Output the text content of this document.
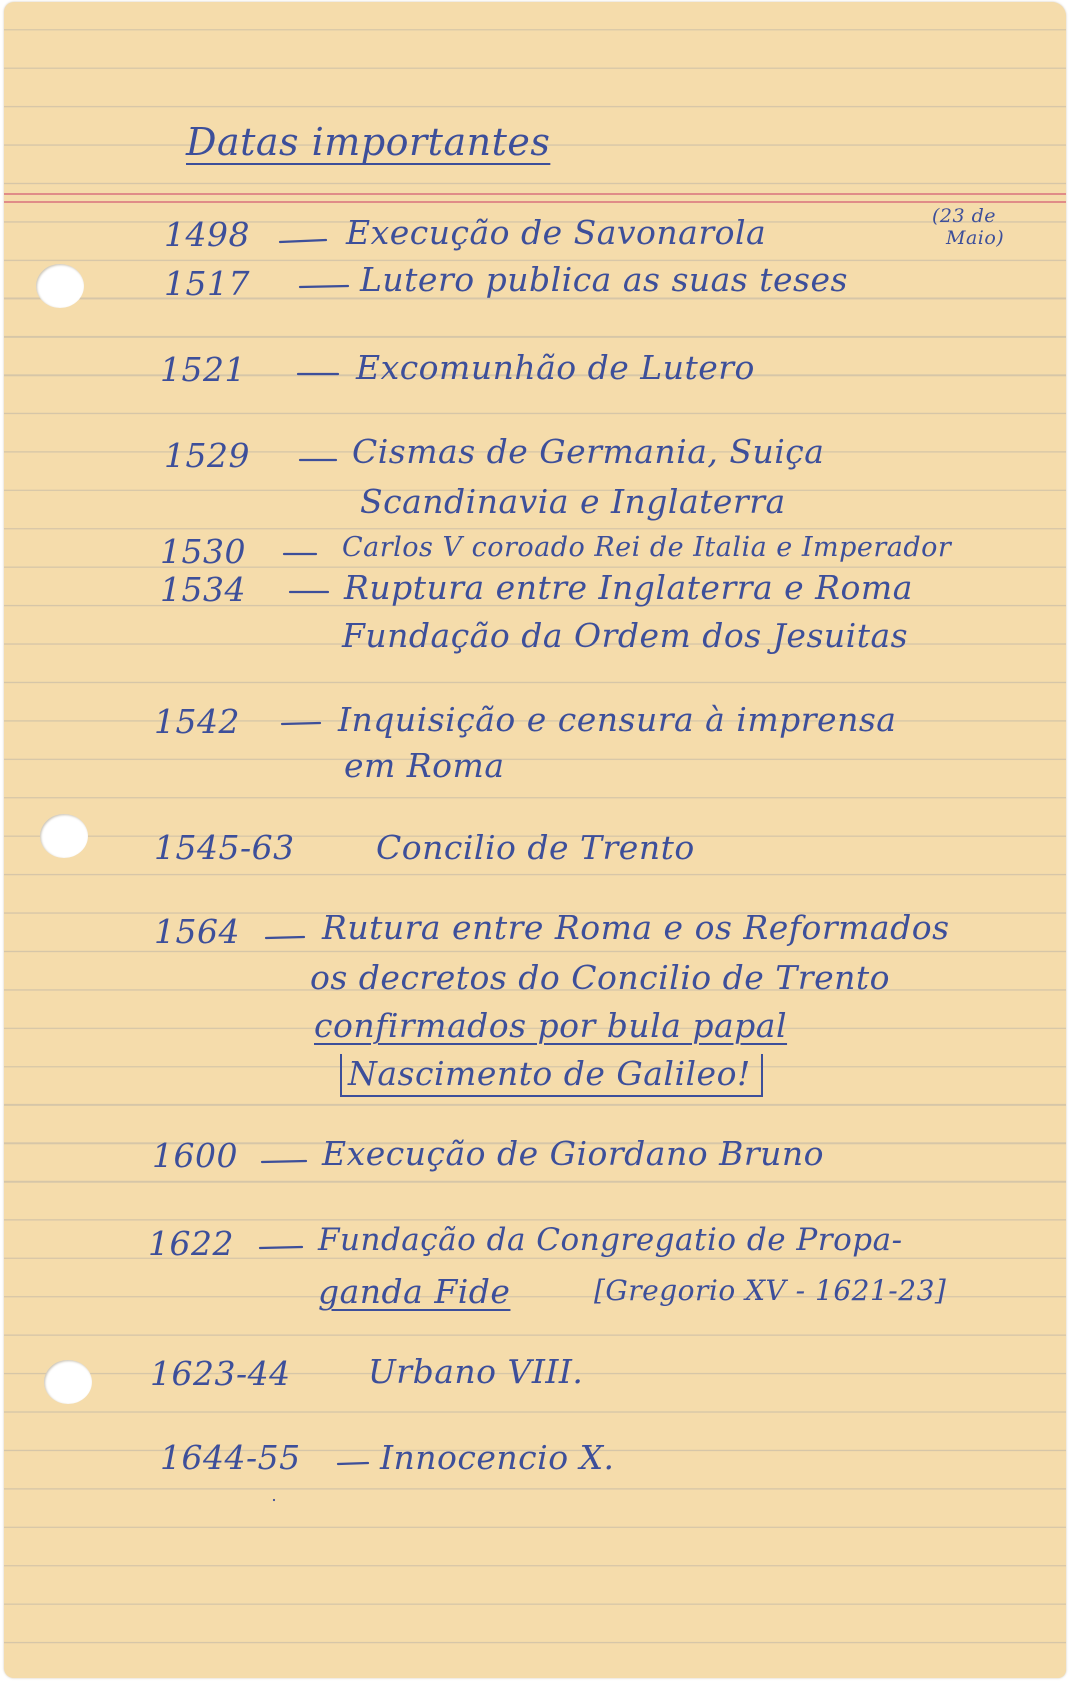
Datas importantes
1498	Execução de Savonarola	(23 de
Maio)
1517	Lutero publica as suas teses
1521	Excomunhão de Lutero
1529	Cismas de Germania, Suiça
Scandinavia e Inglaterra
1530	Carlos V coroado Rei de Italia e Imperador
1534	Ruptura entre Inglaterra e Roma
Fundação da Ordem dos Jesuitas
1542	Inquisição e censura à imprensa
em Roma
1545-63 Concilio de Trento
1564 Rutura entre Roma e os Reformados
os decretos do Concilio de Trento
confirmados por bula papal
Nascimento de Galileo!
1600	Execução de Giordano Bruno
1622	Fundação da Congregatio de Propa-
ganda Fide	[Gregorio XV - 1621-23]
1623-44 Urbano VIII.
1644-55 Innocencio X.
